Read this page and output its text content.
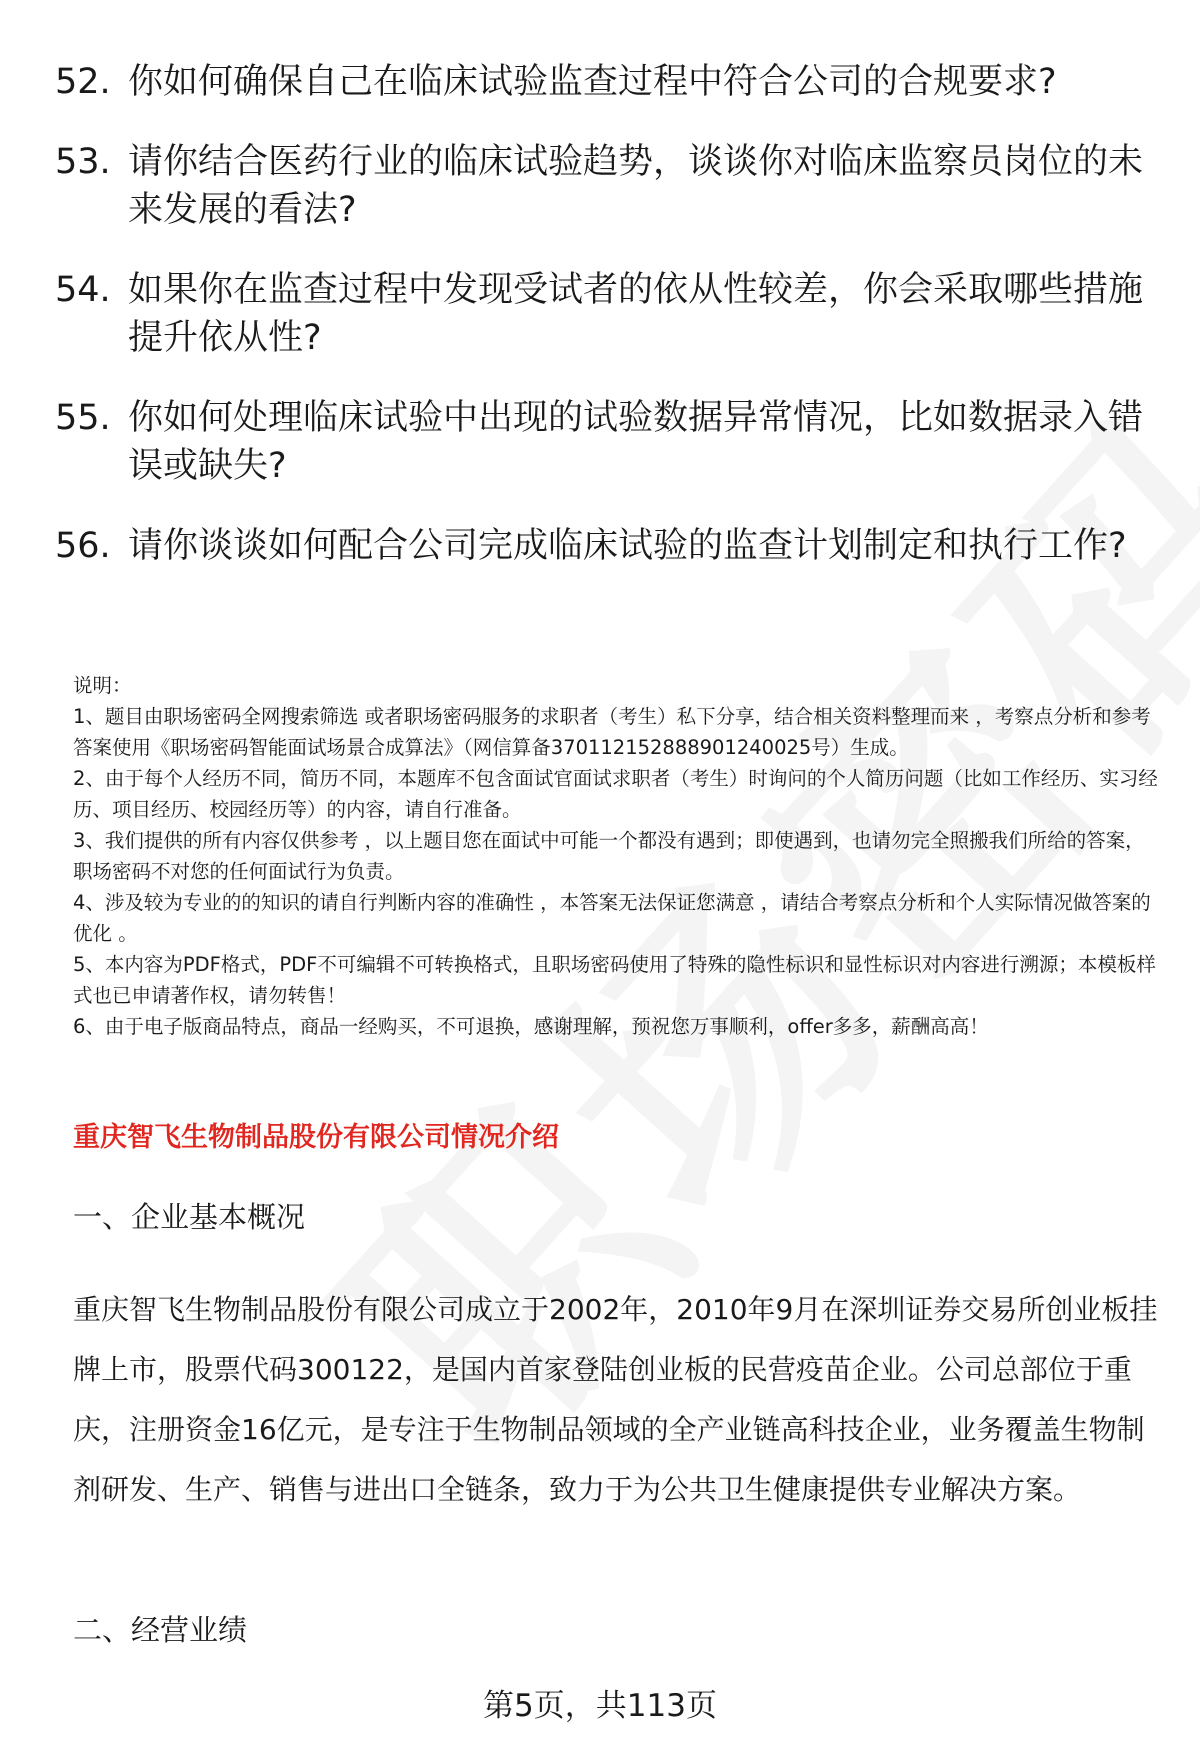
52. 你如何确保自己在临床试验监查过程中符合公司的合规要求?
53. 请你结合医药行业的临床试验趋势，谈谈你对临床监察员岗位的未来发展的看法?
54. 如果你在监查过程中发现受试者的依从性较差，你会采取哪些措施提升依从性?
55. 你如何处理临床试验中出现的试验数据异常情况，比如数据录入错误或缺失?
56. 请你谈谈如何配合公司完成临床试验的监查计划制定和执行工作?

说明：

1、题目由职场密码全网搜索筛选 或者职场密码服务的求职者（考生）私下分享，结合相关资料整理而来 ，考察点分析和参考答案使用《职场密码智能面试场景合成算法》（网信算备370112152888901240025号）生成。

2、由于每个人经历不同，简历不同，本题库不包含面试官面试求职者（考生）时询问的个人简历问题（比如工作经历、实习经历、项目经历、校园经历等）的内容，请自行准备。

3、我们提供的所有内容仅供参考 ，以上题目您在面试中可能一个都没有遇到；即使遇到，也请勿完全照搬我们所给的答案，职场密码不对您的任何面试行为负责。

4、涉及较为专业的的知识的请自行判断内容的准确性 ，本答案无法保证您满意 ，请结合考察点分析和个人实际情况做答案的优化 。

5、本内容为PDF格式，PDF不可编辑不可转换格式，且职场密码使用了特殊的隐性标识和显性标识对内容进行溯源；本模板样式也已申请著作权，请勿转售！

6、由于电子版商品特点，商品一经购买，不可退换，感谢理解，预祝您万事顺利，offer多多，薪酬高高！

重庆智飞生物制品股份有限公司情况介绍
一、企业基本概况
重庆智飞生物制品股份有限公司成立于2002年，2010年9月在深圳证券交易所创业板挂牌上市，股票代码300122，是国内首家登陆创业板的民营疫苗企业。公司总部位于重庆，注册资金16亿元，是专注于生物制品领域的全产业链高科技企业，业务覆盖生物制剂研发、生产、销售与进出口全链条，致力于为公共卫生健康提供专业解决方案。
二、经营业绩
第5页，共113页
